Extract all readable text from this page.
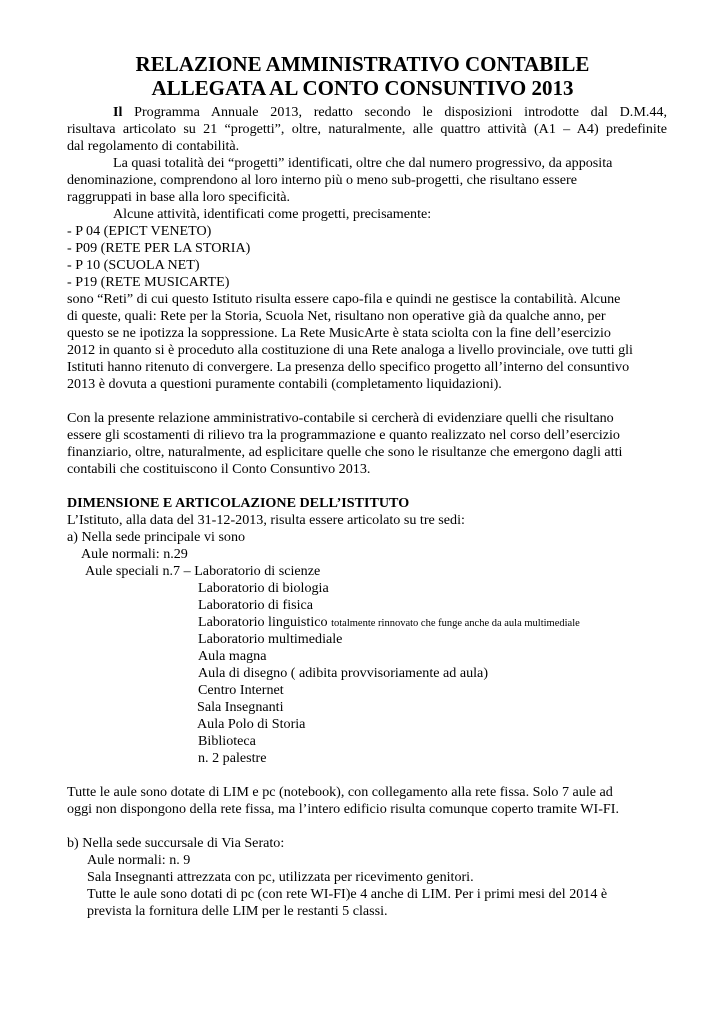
RELAZIONE AMMINISTRATIVO CONTABILE
ALLEGATA AL CONTO CONSUNTIVO 2013
Il Programma Annuale 2013, redatto secondo le disposizioni introdotte dal D.M.44,
risultava articolato su 21 “progetti”, oltre, naturalmente, alle quattro attività (A1 – A4) predefinite
dal regolamento di contabilità.
La quasi totalità dei “progetti” identificati, oltre che dal numero progressivo, da apposita
denominazione, comprendono al loro interno più o meno sub-progetti, che risultano essere
raggruppati in base alla loro specificità.
Alcune attività, identificati come progetti, precisamente:
- P 04 (EPICT VENETO)
- P09 (RETE PER LA STORIA)
- P 10 (SCUOLA NET)
- P19 (RETE MUSICARTE)
sono “Reti” di cui questo Istituto risulta essere capo-fila e quindi ne gestisce la contabilità. Alcune
di queste, quali: Rete per la Storia, Scuola Net, risultano non operative già da qualche anno, per
questo se ne ipotizza la soppressione. La Rete MusicArte è stata sciolta con la fine dell’esercizio
2012 in quanto si è proceduto alla costituzione di una Rete analoga a livello provinciale, ove tutti gli
Istituti hanno ritenuto di convergere. La presenza dello specifico progetto all’interno del consuntivo
2013 è dovuta a questioni puramente contabili (completamento liquidazioni).
Con la presente relazione amministrativo-contabile si cercherà di evidenziare quelli che risultano
essere gli scostamenti di rilievo tra la programmazione e quanto realizzato nel corso dell’esercizio
finanziario, oltre, naturalmente, ad esplicitare quelle che sono le risultanze che emergono dagli atti
contabili che costituiscono il Conto Consuntivo 2013.
DIMENSIONE E ARTICOLAZIONE DELL’ISTITUTO
L’Istituto, alla data del 31-12-2013, risulta essere articolato su tre sedi:
a) Nella sede principale vi sono
Aule normali: n.29
Aule speciali n.7 – Laboratorio di scienze
Laboratorio di biologia
Laboratorio di fisica
Laboratorio linguistico totalmente rinnovato che funge anche da aula multimediale
Laboratorio multimediale
Aula magna
Aula di disegno ( adibita provvisoriamente ad aula)
Centro Internet
Sala Insegnanti
Aula Polo di Storia
Biblioteca
n. 2 palestre
Tutte le aule sono dotate di LIM e pc (notebook), con collegamento alla rete fissa. Solo 7 aule ad
oggi non dispongono della rete fissa, ma l’intero edificio risulta comunque coperto tramite WI-FI.
b) Nella sede succursale di Via Serato:
Aule normali: n. 9
Sala Insegnanti attrezzata con pc, utilizzata per ricevimento genitori.
Tutte le aule sono dotati di pc (con rete WI-FI)e 4 anche di LIM. Per i primi mesi del 2014 è
prevista la fornitura delle LIM per le restanti 5 classi.
